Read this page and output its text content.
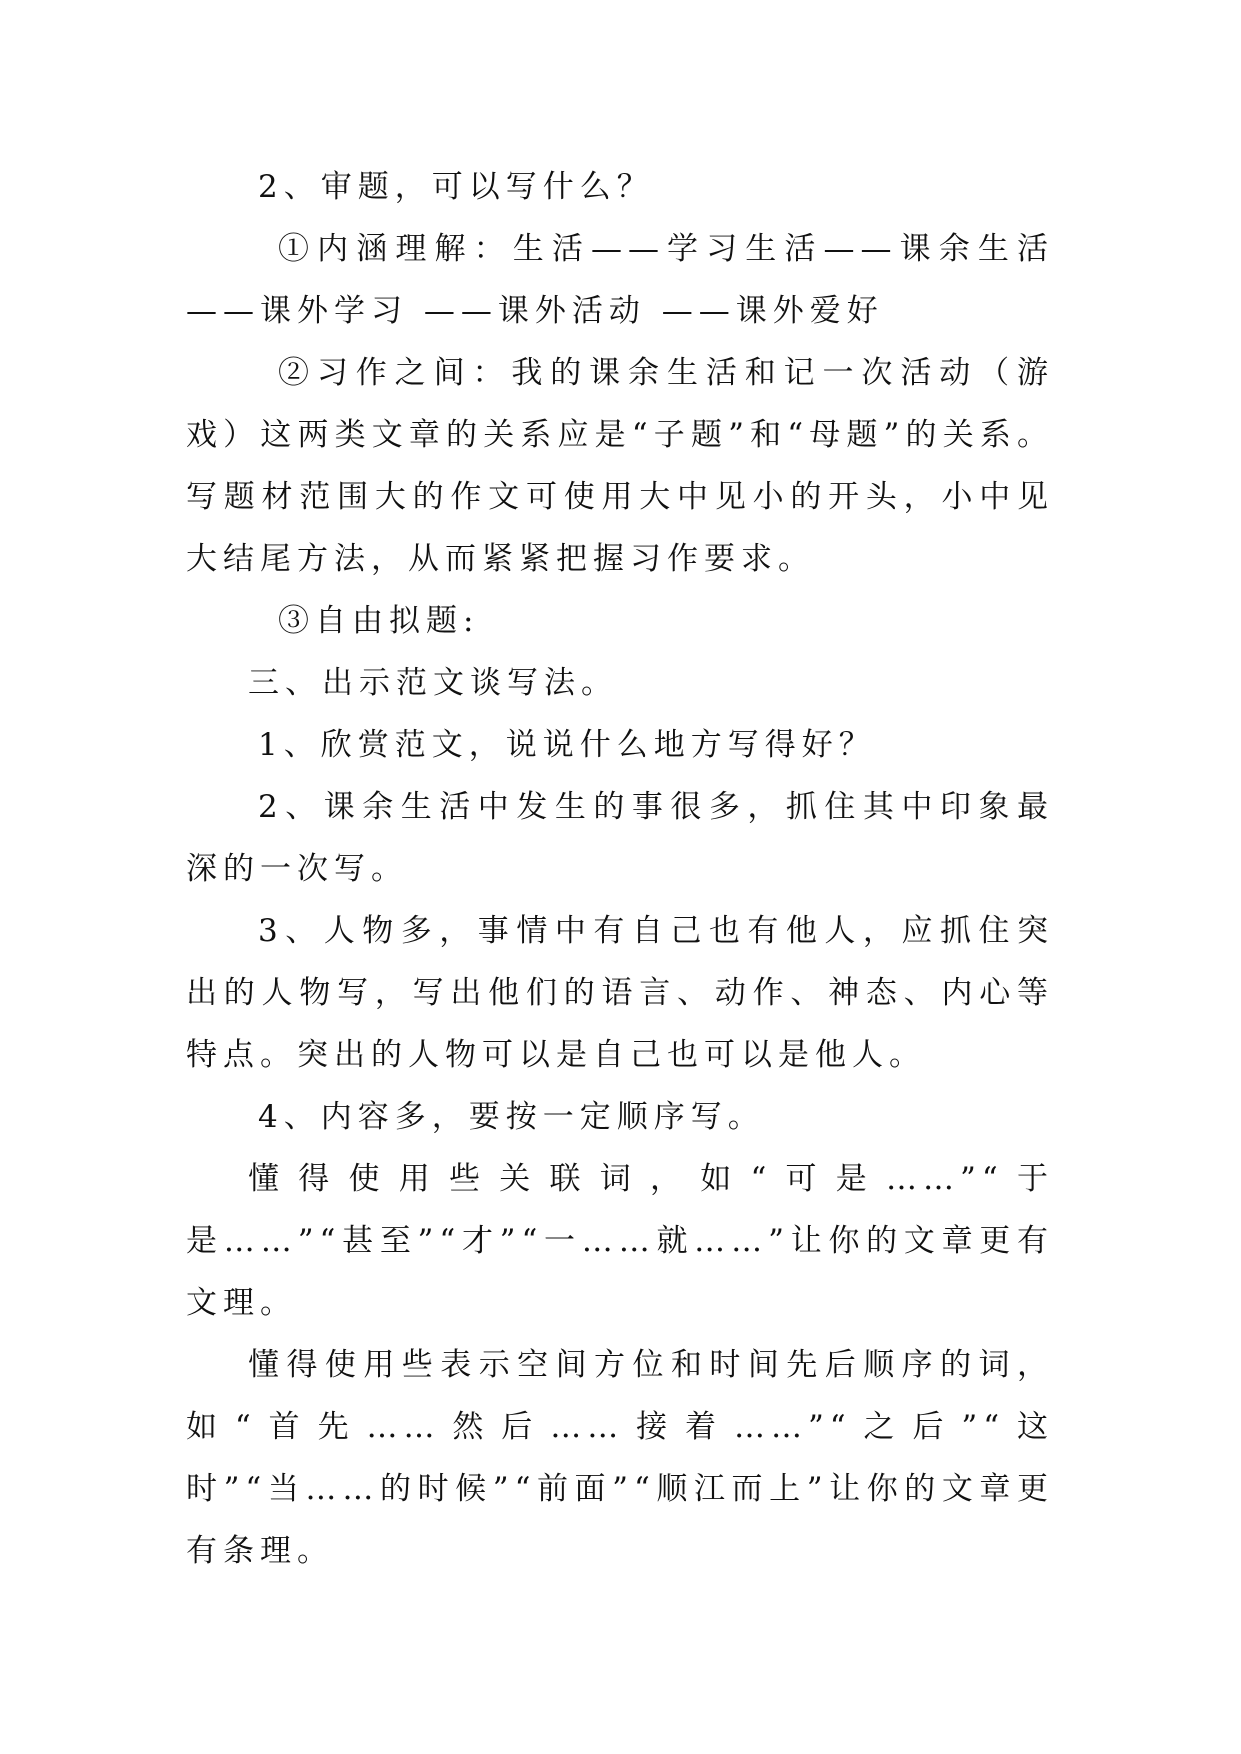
2、审题，可以写什么？

①内涵理解：生活——学习生活——课余生活——课外学习 ——课外活动 ——课外爱好

②习作之间：我的课余生活和记一次活动（游戏）这两类文章的关系应是“子题”和“母题”的关系。写题材范围大的作文可使用大中见小的开头，小中见大结尾方法，从而紧紧把握习作要求。

③自由拟题:

三、出示范文谈写法。

1、欣赏范文，说说什么地方写得好？

2、课余生活中发生的事很多，抓住其中印象最深的一次写。

3、人物多，事情中有自己也有他人，应抓住突出的人物写，写出他们的语言、动作、神态、内心等特点。突出的人物可以是自己也可以是他人。

4、内容多，要按一定顺序写。

懂得使用些关联词，如“可是……”“于是……”“甚至”“才”“一……就……”让你的文章更有文理。

懂得使用些表示空间方位和时间先后顺序的词，如“首先……然后……接着……”“之后”“这时”“当……的时候”“前面”“顺江而上”让你的文章更有条理。
